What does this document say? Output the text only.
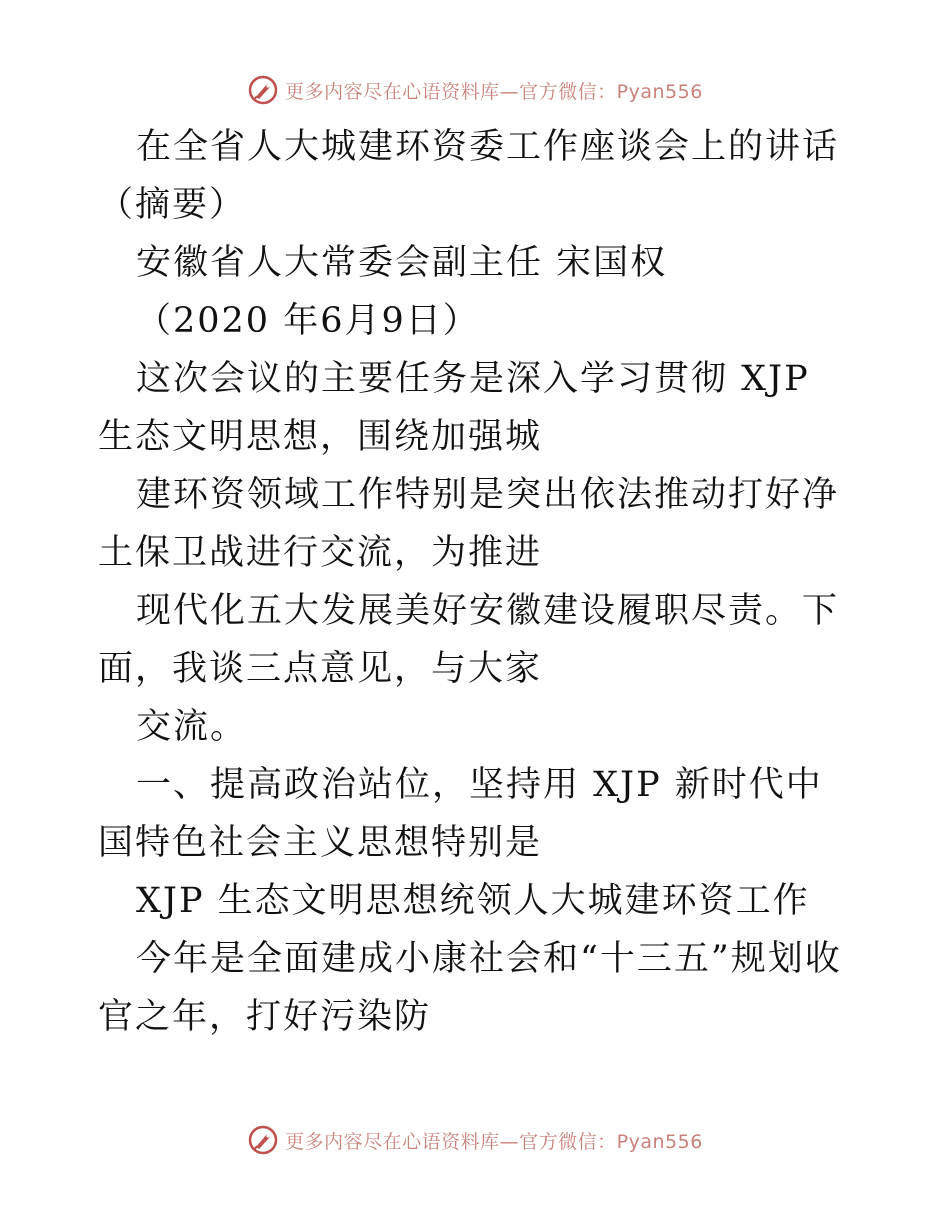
更多内容尽在心语资料库—官方微信：Pyan556

在全省人大城建环资委工作座谈会上的讲话（摘要）

安徽省人大常委会副主任 宋国权

（2020 年6月9日）

这次会议的主要任务是深入学习贯彻 XJP 生态文明思想，围绕加强城

建环资领域工作特别是突出依法推动打好净土保卫战进行交流，为推进

现代化五大发展美好安徽建设履职尽责。下面，我谈三点意见，与大家

交流。

一、提高政治站位，坚持用 XJP 新时代中国特色社会主义思想特别是

XJP 生态文明思想统领人大城建环资工作

今年是全面建成小康社会和“十三五”规划收官之年，打好污染防

更多内容尽在心语资料库—官方微信：Pyan556
